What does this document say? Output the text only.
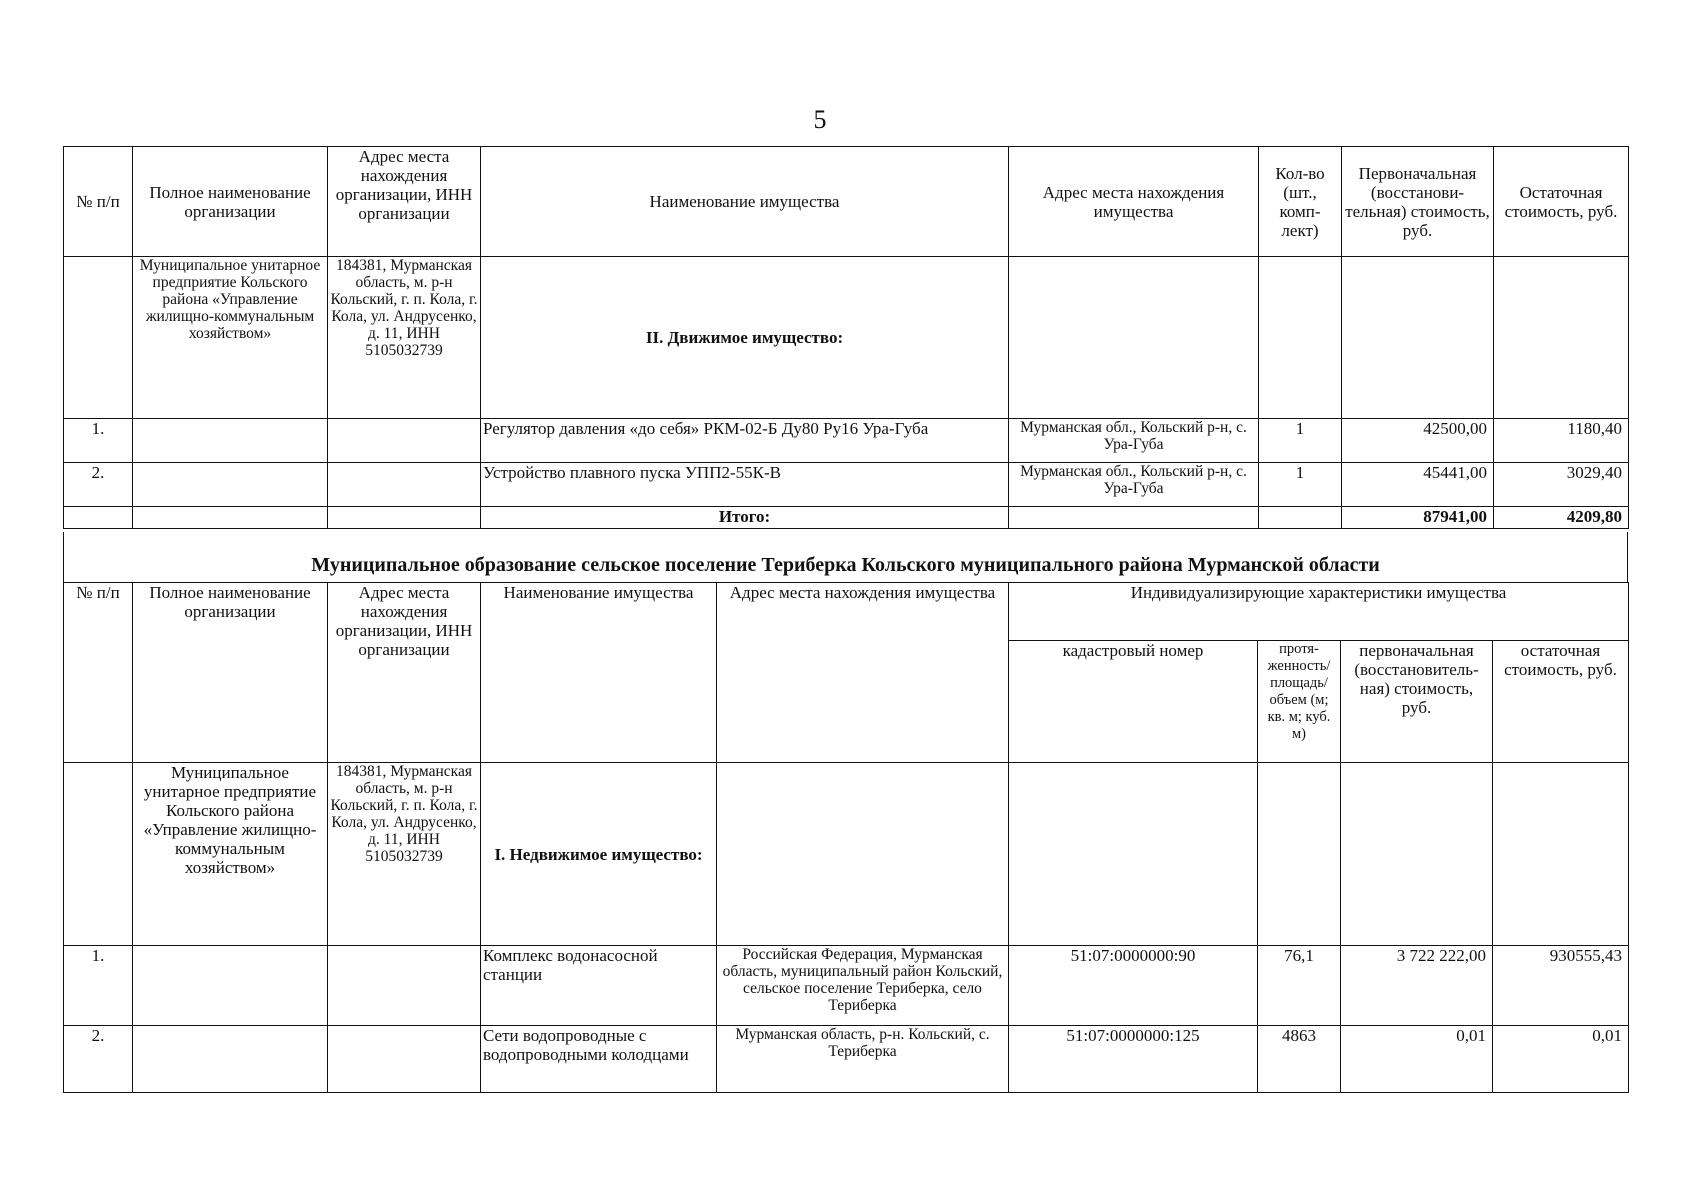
5
№ п/п	Полное наименование организации	Адрес места нахождения организации, ИНН организации	Наименование имущества	Адрес места нахождения имущества	Кол-во (шт., комп-лект)	Первоначальная (восстанови-тельная) стоимость, руб.	Остаточная стоимость, руб.
	Муниципальное унитарное предприятие Кольского района «Управление жилищно-коммунальным хозяйством»	184381, Мурманская область, м. р-н Кольский, г. п. Кола, г. Кола, ул. Андрусенко, д. 11, ИНН 5105032739	II. Движимое имущество:				
1.			Регулятор давления «до себя» РКМ-02-Б Ду80 Ру16 Ура-Губа	Мурманская обл., Кольский р-н, с. Ура-Губа	1	42500,00	1180,40
2.			Устройство плавного пуска УПП2-55К-В	Мурманская обл., Кольский р-н, с. Ура-Губа	1	45441,00	3029,40
			Итого:			87941,00	4209,80
Муниципальное образование сельское поселение Териберка Кольского муниципального района Мурманской области
№ п/п	Полное наименование организации	Адрес места нахождения организации, ИНН организации	Наименование имущества	Адрес места нахождения имущества	Индивидуализирующие характеристики имущества			
					кадастровый номер	протя-женность/ площадь/ объем (м; кв. м; куб. м)	первоначальная (восстановитель-ная) стоимость, руб.	остаточная стоимость, руб.
	Муниципальное унитарное предприятие Кольского района «Управление жилищно-коммунальным хозяйством»	184381, Мурманская область, м. р-н Кольский, г. п. Кола, г. Кола, ул. Андрусенко, д. 11, ИНН 5105032739	I. Недвижимое имущество:					
1.			Комплекс водонасосной станции	Российская Федерация, Мурманская область, муниципальный район Кольский, сельское поселение Териберка, село Териберка	51:07:0000000:90	76,1	3 722 222,00	930555,43
2.			Сети водопроводные с водопроводными колодцами	Мурманская область, р-н. Кольский, с. Териберка	51:07:0000000:125	4863	0,01	0,01
